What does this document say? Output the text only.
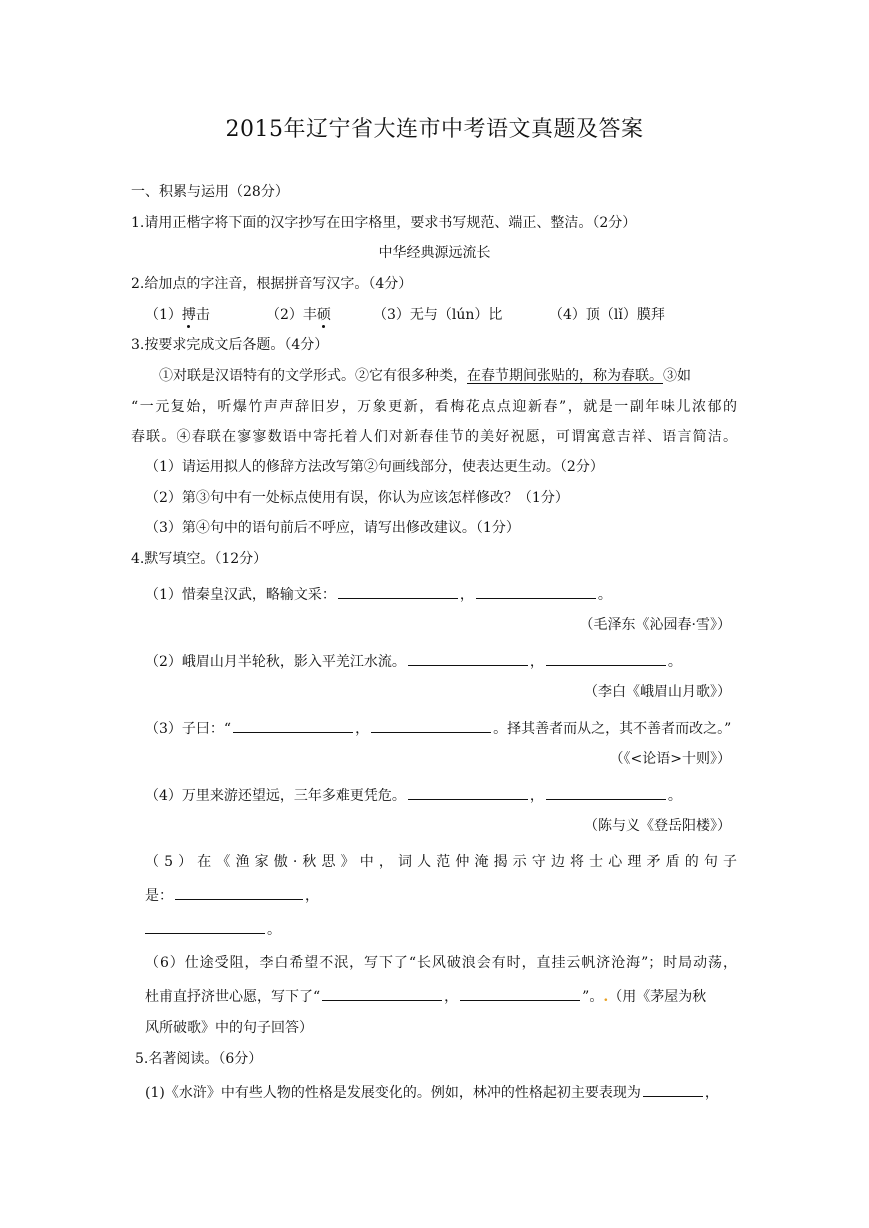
2015年辽宁省大连市中考语文真题及答案
一、积累与运用（28分）
1.请用正楷字将下面的汉字抄写在田字格里，要求书写规范、端正、整洁。（2分）
中华经典源远流长
2.给加点的字注音，根据拼音写汉字。（4分）
（1）搏击	（2）丰硕	（3）无与（lún）比	（4）顶（lǐ）膜拜
3.按要求完成文后各题。（4分）
①对联是汉语特有的文学形式。②它有很多种类，在春节期间张贴的，称为春联。③如
“一元复始，听爆竹声声辞旧岁，万象更新，看梅花点点迎新春”，就是一副年味儿浓郁的
春联。④春联在寥寥数语中寄托着人们对新春佳节的美好祝愿，可谓寓意吉祥、语言简洁。
（1）请运用拟人的修辞方法改写第②句画线部分，使表达更生动。（2分）
（2）第③句中有一处标点使用有误，你认为应该怎样修改？（1分）
（3）第④句中的语句前后不呼应，请写出修改建议。（1分）
4.默写填空。（12分）
（1）惜秦皇汉武，略输文采：	，	。
（毛泽东《沁园春·雪》）
（2）峨眉山月半轮秋，影入平羌江水流。	，	。
（李白《峨眉山月歌》）
（3）子曰：“	，	。择其善者而从之，其不善者而改之。”
（《<论语>十则》）
（4）万里来游还望远，三年多难更凭危。	，	。
（陈与义《登岳阳楼》）
（5）在《渔家傲·秋思》中，词人范仲淹揭示守边将士心理矛盾的句子
是：	，
。
（6）仕途受阻，李白希望不泯，写下了“长风破浪会有时，直挂云帆济沧海”；时局动荡，
杜甫直抒济世心愿，写下了“	，	”。.（用《茅屋为秋
风所破歌》中的句子回答）
5.名著阅读。（6分）
(1)《水浒》中有些人物的性格是发展变化的。例如，林冲的性格起初主要表现为	，
